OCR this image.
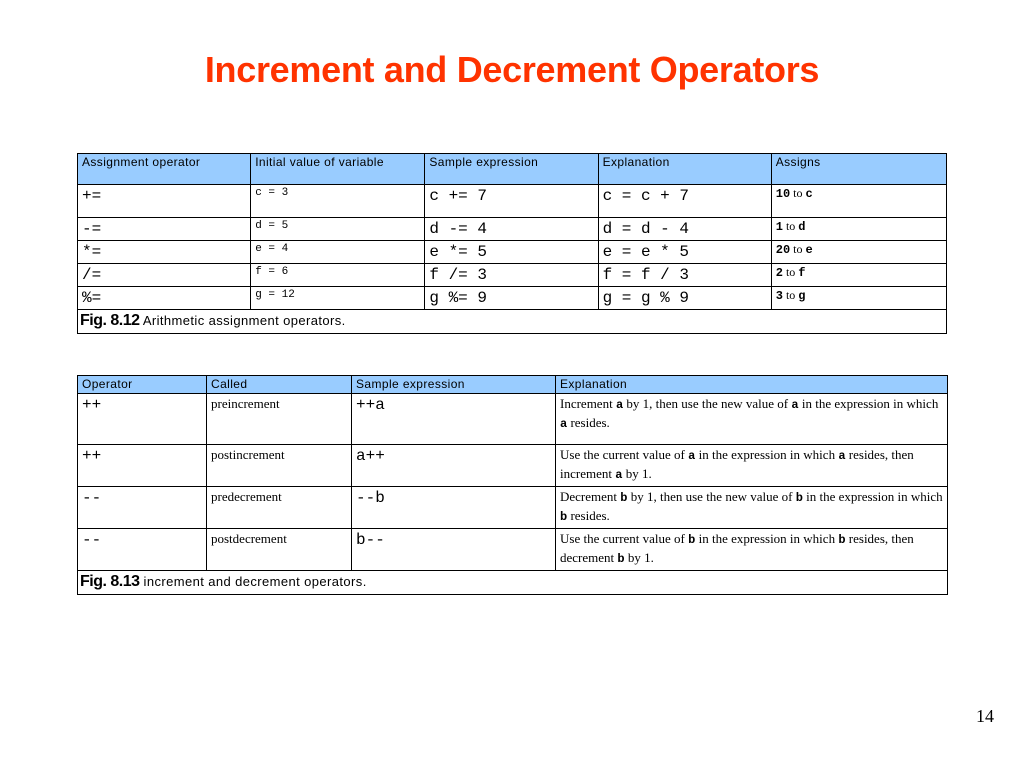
Increment and Decrement Operators
Assignment operator	Initial value of variable	Sample expression	Explanation	Assigns
+=	c = 3	c += 7	c = c + 7	10 to c
-=	d = 5	d -= 4	d = d - 4	1 to d
*=	e = 4	e *= 5	e = e * 5	20 to e
/=	f = 6	f /= 3	f = f / 3	2 to f
%=	g = 12	g %= 9	g = g % 9	3 to g
Fig. 8.12 Arithmetic assignment operators.				
Operator	Called	Sample expression	Explanation
++	preincrement	++a	Increment a by 1, then use the new value of a in the expression in which a resides.
++	postincrement	a++	Use the current value of a in the expression in which a resides, then increment a by 1.
--	predecrement	--b	Decrement b by 1, then use the new value of b in the expression in which b resides.
--	postdecrement	b--	Use the current value of b in the expression in which b resides, then decrement b by 1.
Fig. 8.13 increment and decrement operators.			
14
